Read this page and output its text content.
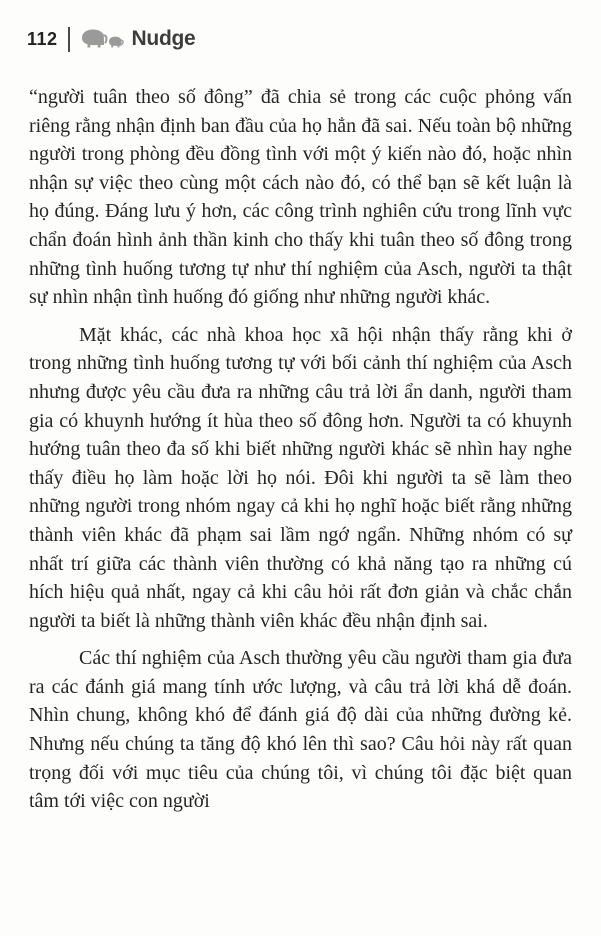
112	Nudge

“người tuân theo số đông” đã chia sẻ trong các cuộc phỏng vấn riêng rằng nhận định ban đầu của họ hẳn đã sai. Nếu toàn bộ những người trong phòng đều đồng tình với một ý kiến nào đó, hoặc nhìn nhận sự việc theo cùng một cách nào đó, có thể bạn sẽ kết luận là họ đúng. Đáng lưu ý hơn, các công trình nghiên cứu trong lĩnh vực chẩn đoán hình ảnh thần kinh cho thấy khi tuân theo số đông trong những tình huống tương tự như thí nghiệm của Asch, người ta thật sự nhìn nhận tình huống đó giống như những người khác.

Mặt khác, các nhà khoa học xã hội nhận thấy rằng khi ở trong những tình huống tương tự với bối cảnh thí nghiệm của Asch nhưng được yêu cầu đưa ra những câu trả lời ẩn danh, người tham gia có khuynh hướng ít hùa theo số đông hơn. Người ta có khuynh hướng tuân theo đa số khi biết những người khác sẽ nhìn hay nghe thấy điều họ làm hoặc lời họ nói. Đôi khi người ta sẽ làm theo những người trong nhóm ngay cả khi họ nghĩ hoặc biết rằng những thành viên khác đã phạm sai lầm ngớ ngẩn. Những nhóm có sự nhất trí giữa các thành viên thường có khả năng tạo ra những cú hích hiệu quả nhất, ngay cả khi câu hỏi rất đơn giản và chắc chắn người ta biết là những thành viên khác đều nhận định sai.

Các thí nghiệm của Asch thường yêu cầu người tham gia đưa ra các đánh giá mang tính ước lượng, và câu trả lời khá dễ đoán. Nhìn chung, không khó để đánh giá độ dài của những đường kẻ. Nhưng nếu chúng ta tăng độ khó lên thì sao? Câu hỏi này rất quan trọng đối với mục tiêu của chúng tôi, vì chúng tôi đặc biệt quan tâm tới việc con người
